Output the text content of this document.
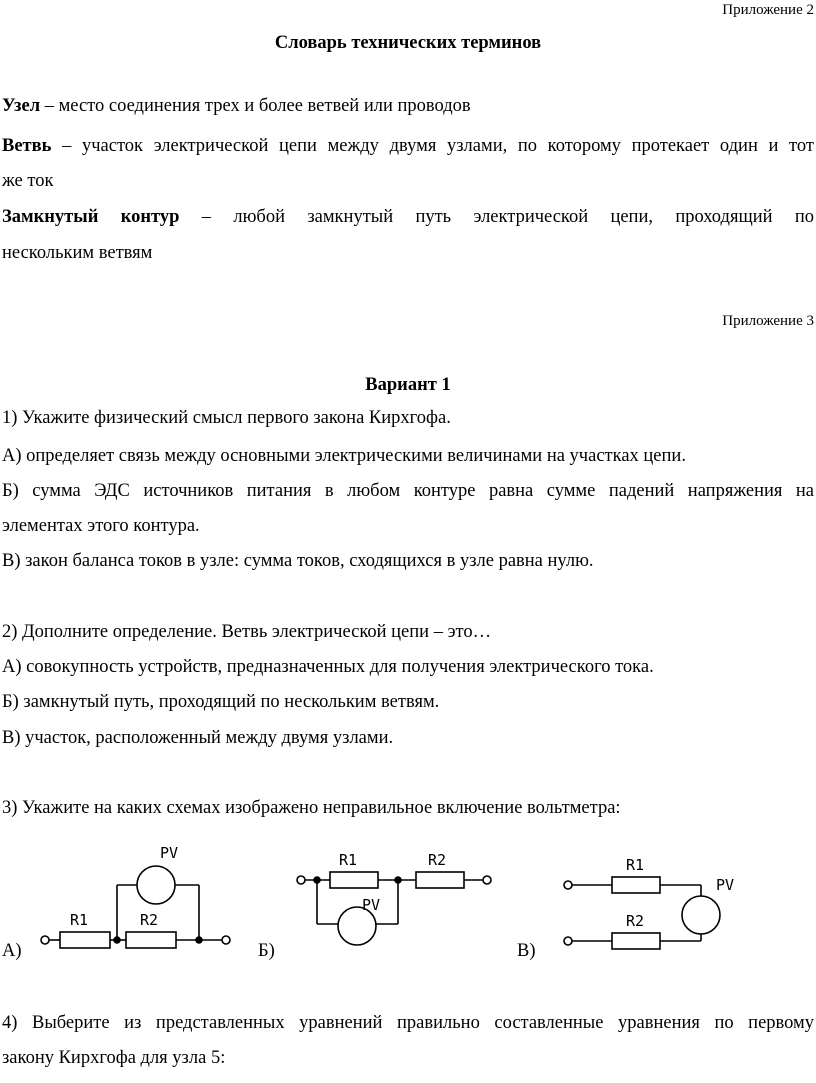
Приложение 2
Словарь технических терминов
Узел – место соединения трех и более ветвей или проводов
Ветвь – участок электрической цепи между двумя узлами, по которому протекает один и тот
же ток
Замкнутый контур – любой замкнутый путь электрической цепи, проходящий по
нескольким ветвям
Приложение 3
Вариант 1
1) Укажите физический смысл первого закона Кирхгофа.
А) определяет связь между основными электрическими величинами на участках цепи.
Б) сумма ЭДС источников питания в любом контуре равна сумме падений напряжения на
элементах этого контура.
В) закон баланса токов в узле: сумма токов, сходящихся в узле равна нулю.
2) Дополните определение. Ветвь электрической цепи – это…
А) совокупность устройств, предназначенных для получения электрического тока.
Б) замкнутый путь, проходящий по нескольким ветвям.
В) участок, расположенный между двумя узлами.
3) Укажите на каких схемах изображено неправильное включение вольтметра:
R1	R2
PV	R1	R2
PV
R1
R2
PV
А)	Б)	В)
4) Выберите из представленных уравнений правильно составленные уравнения по первому
закону Кирхгофа для узла 5:
